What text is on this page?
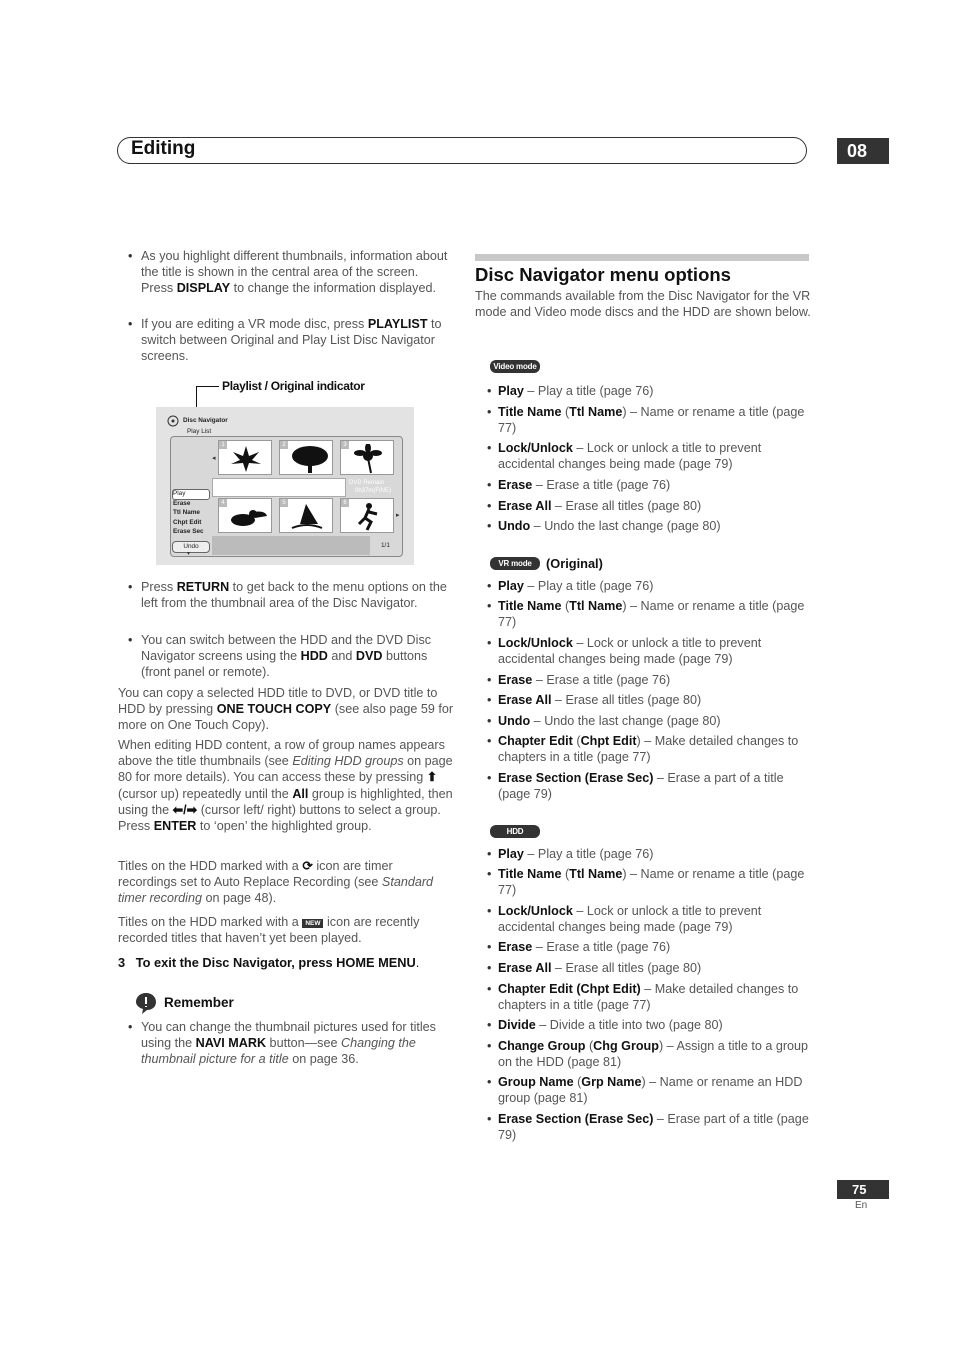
Editing	08
• As you highlight different thumbnails, information about the title is shown in the central area of the screen. Press DISPLAY to change the information displayed.
• If you are editing a VR mode disc, press PLAYLIST to switch between Original and Play List Disc Navigator screens.
Playlist / Original indicator
Disc Navigator
Play List
Play
Erase
Ttl Name
Chpt Edit
Erase Sec
Undo
1	2	3
DVD Remain
0h37m(FINE)
4	5	6
1/1
◂
▸
▾
• Press RETURN to get back to the menu options on the left from the thumbnail area of the Disc Navigator.
• You can switch between the HDD and the DVD Disc Navigator screens using the HDD and DVD buttons (front panel or remote).
You can copy a selected HDD title to DVD, or DVD title to HDD by pressing ONE TOUCH COPY (see also page 59 for more on One Touch Copy).
When editing HDD content, a row of group names appears above the title thumbnails (see Editing HDD groups on page 80 for more details). You can access these by pressing ⬆ (cursor up) repeatedly until the All group is highlighted, then using the ⬅/➡ (cursor left/ right) buttons to select a group. Press ENTER to ‘open’ the highlighted group.
Titles on the HDD marked with a ⟳ icon are timer recordings set to Auto Replace Recording (see Standard timer recording on page 48).
Titles on the HDD marked with a NEW icon are recently recorded titles that haven’t yet been played.
3 To exit the Disc Navigator, press HOME MENU.
Remember
• You can change the thumbnail pictures used for titles using the NAVI MARK button—see Changing the thumbnail picture for a title on page 36.
Disc Navigator menu options
The commands available from the Disc Navigator for the VR mode and Video mode discs and the HDD are shown below.
Video mode
• Play – Play a title (page 76)
• Title Name (Ttl Name) – Name or rename a title (page 77)
• Lock/Unlock – Lock or unlock a title to prevent accidental changes being made (page 79)
• Erase – Erase a title (page 76)
• Erase All – Erase all titles (page 80)
• Undo – Undo the last change (page 80)
VR mode	(Original)
• Play – Play a title (page 76)
• Title Name (Ttl Name) – Name or rename a title (page 77)
• Lock/Unlock – Lock or unlock a title to prevent accidental changes being made (page 79)
• Erase – Erase a title (page 76)
• Erase All – Erase all titles (page 80)
• Undo – Undo the last change (page 80)
• Chapter Edit (Chpt Edit) – Make detailed changes to chapters in a title (page 77)
• Erase Section (Erase Sec) – Erase a part of a title (page 79)
HDD
• Play – Play a title (page 76)
• Title Name (Ttl Name) – Name or rename a title (page 77)
• Lock/Unlock – Lock or unlock a title to prevent accidental changes being made (page 79)
• Erase – Erase a title (page 76)
• Erase All – Erase all titles (page 80)
• Chapter Edit (Chpt Edit) – Make detailed changes to chapters in a title (page 77)
• Divide – Divide a title into two (page 80)
• Change Group (Chg Group) – Assign a title to a group on the HDD (page 81)
• Group Name (Grp Name) – Name or rename an HDD group (page 81)
• Erase Section (Erase Sec) – Erase part of a title (page 79)
75
En
